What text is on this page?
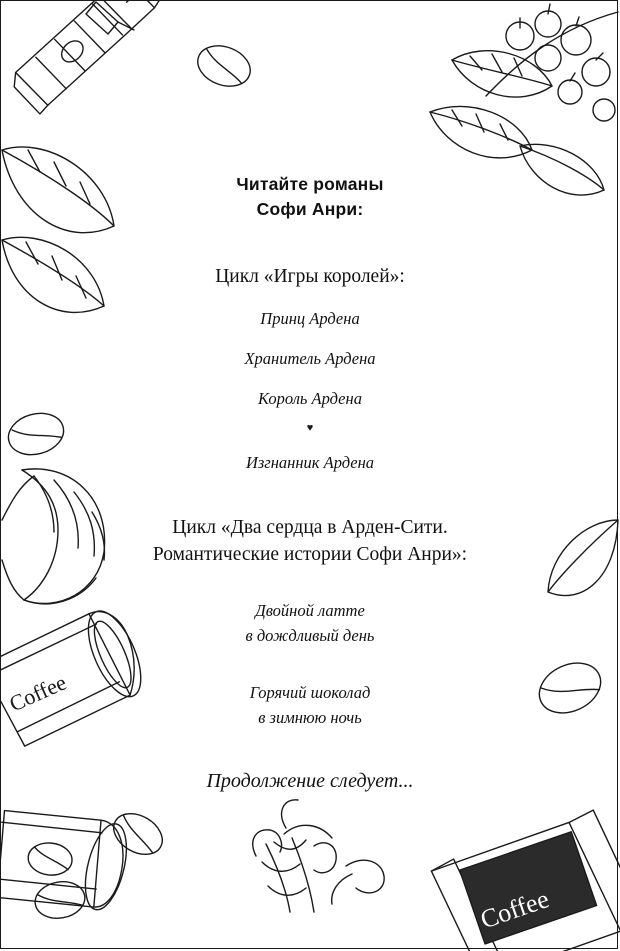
Coffee
Coffee
Читайте романы
Софи Анри:
Цикл «Игры королей»:
Принц Ардена
Хранитель Ардена
Король Ардена
♥
Изгнанник Ардена
Цикл «Два сердца в Арден-Сити.
Романтические истории Софи Анри»:
Двойной латте
в дождливый день
Горячий шоколад
в зимнюю ночь
Продолжение следует...
